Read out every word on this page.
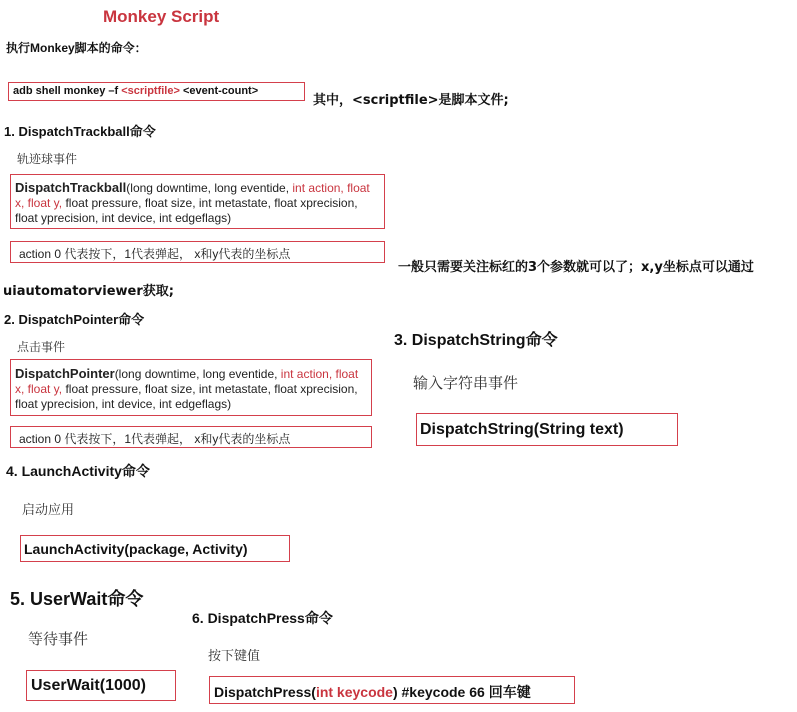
Monkey Script
执行Monkey脚本的命令：
adb shell monkey –f <scriptfile> <event-count>
其中，<scriptfile>是脚本文件;
1. DispatchTrackball命令
轨迹球事件
DispatchTrackball(long downtime, long eventide, int action, float x, float y, float pressure, float size, int metastate, float xprecision, float yprecision, int device, int edgeflags)
action 0 代表按下，1代表弹起， x和y代表的坐标点
一般只需要关注标红的3个参数就可以了；x,y坐标点可以通过
uiautomatorviewer获取;
2. DispatchPointer命令
点击事件
DispatchPointer(long downtime, long eventide, int action, float x, float y, float pressure, float size, int metastate, float xprecision, float yprecision, int device, int edgeflags)
action 0 代表按下，1代表弹起， x和y代表的坐标点
3. DispatchString命令
输入字符串事件
DispatchString(String text)
4. LaunchActivity命令
启动应用
LaunchActivity(package, Activity)
5. UserWait命令
等待事件
UserWait(1000)
6. DispatchPress命令
按下键值
DispatchPress(int keycode) #keycode 66 回车键
